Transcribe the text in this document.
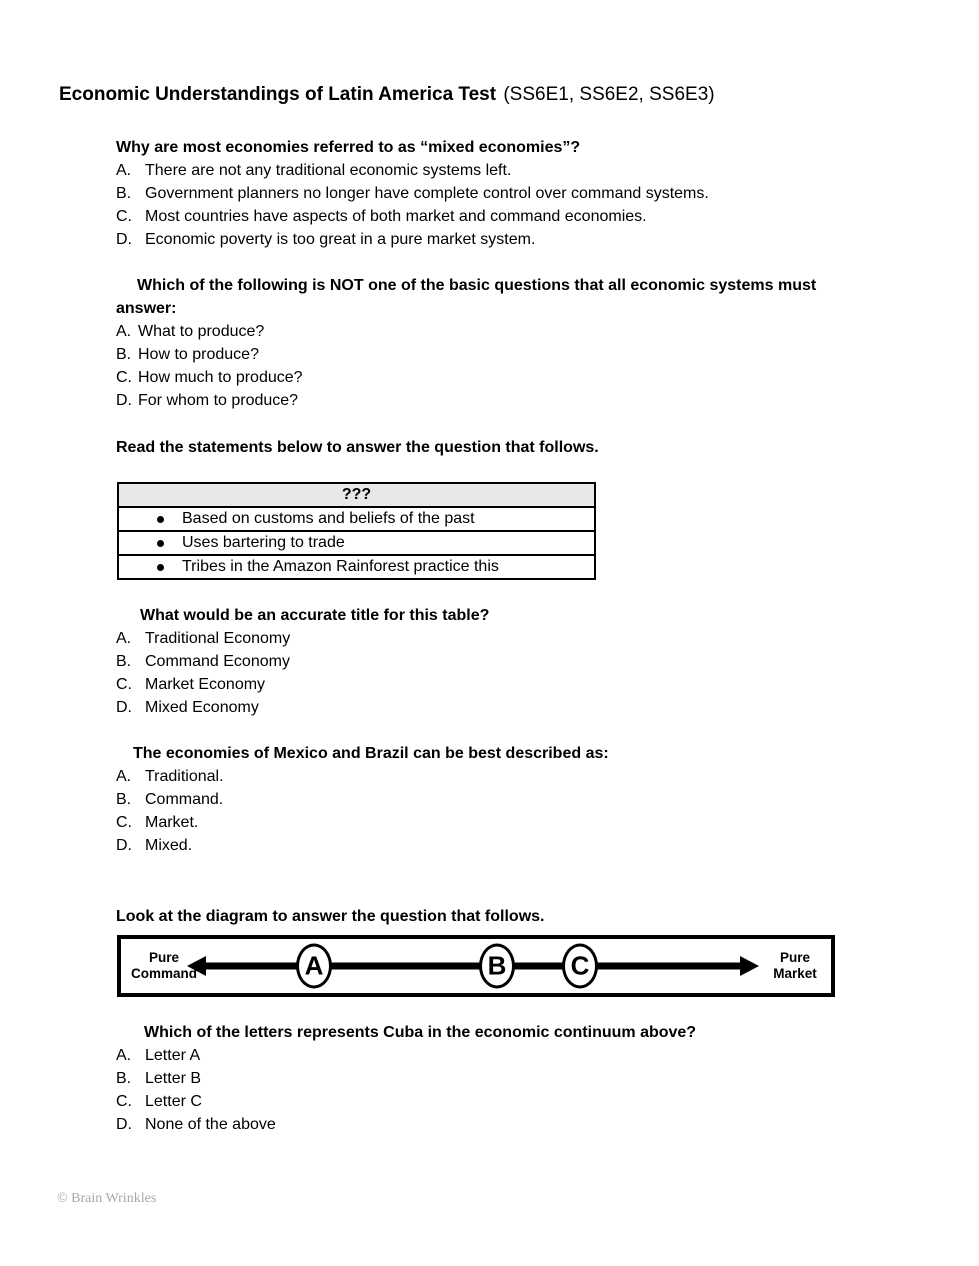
Economic Understandings of Latin America Test (SS6E1, SS6E2, SS6E3)

Why are most economies referred to as “mixed economies”?

A. There are not any traditional economic systems left.
B. Government planners no longer have complete control over command systems.
C. Most countries have aspects of both market and command economies.
D. Economic poverty is too great in a pure market system.

Which of the following is NOT one of the basic questions that all economic systems must answer:

A. What to produce?
B. How to produce?
C. How much to produce?
D. For whom to produce?

Read the statements below to answer the question that follows.

???

Based on customs and beliefs of the past

Uses bartering to trade

Tribes in the Amazon Rainforest practice this

What would be an accurate title for this table?

A. Traditional Economy
B. Command Economy
C. Market Economy
D. Mixed Economy

The economies of Mexico and Brazil can be best described as:

A. Traditional.
B. Command.
C. Market.
D. Mixed.

Look at the diagram to answer the question that follows.

Pure
Command	A	B	C	Pure
Market

Which of the letters represents Cuba in the economic continuum above?

A. Letter A
B. Letter B
C. Letter C
D. None of the above
© Brain Wrinkles
